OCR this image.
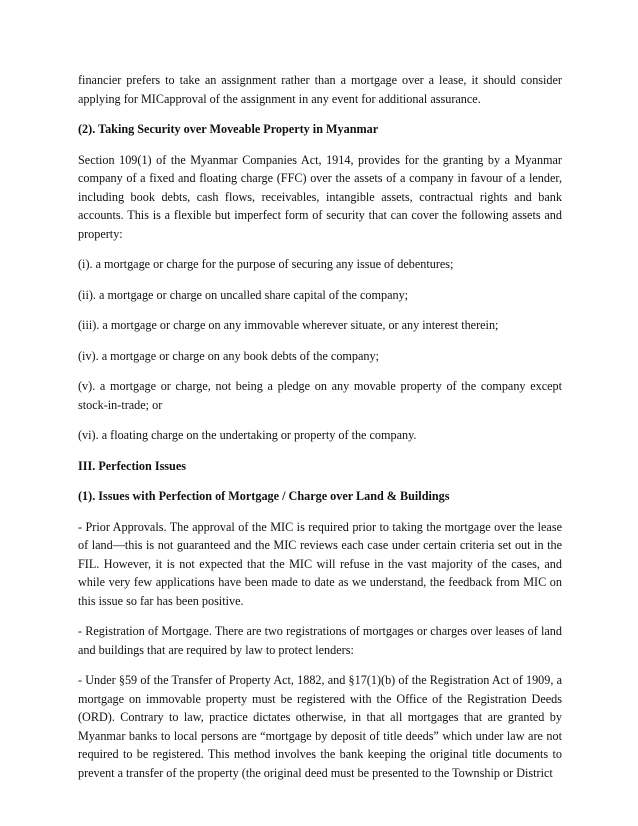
financier prefers to take an assignment rather than a mortgage over a lease, it should consider applying for MICapproval of the assignment in any event for additional assurance.

(2). Taking Security over Moveable Property in Myanmar

Section 109(1) of the Myanmar Companies Act, 1914, provides for the granting by a Myanmar company of a fixed and floating charge (FFC) over the assets of a company in favour of a lender, including book debts, cash flows, receivables, intangible assets, contractual rights and bank accounts. This is a flexible but imperfect form of security that can cover the following assets and property:

(i). a mortgage or charge for the purpose of securing any issue of debentures;

(ii). a mortgage or charge on uncalled share capital of the company;

(iii). a mortgage or charge on any immovable wherever situate, or any interest therein;

(iv). a mortgage or charge on any book debts of the company;

(v). a mortgage or charge, not being a pledge on any movable property of the company except stock-in-trade; or

(vi). a floating charge on the undertaking or property of the company.

III. Perfection Issues
(1). Issues with Perfection of Mortgage / Charge over Land & Buildings

- Prior Approvals. The approval of the MIC is required prior to taking the mortgage over the lease of land—this is not guaranteed and the MIC reviews each case under certain criteria set out in the FIL. However, it is not expected that the MIC will refuse in the vast majority of the cases, and while very few applications have been made to date as we understand, the feedback from MIC on this issue so far has been positive.

- Registration of Mortgage. There are two registrations of mortgages or charges over leases of land and buildings that are required by law to protect lenders:

- Under §59 of the Transfer of Property Act, 1882, and §17(1)(b) of the Registration Act of 1909, a mortgage on immovable property must be registered with the Office of the Registration Deeds (ORD). Contrary to law, practice dictates otherwise, in that all mortgages that are granted by Myanmar banks to local persons are “mortgage by deposit of title deeds” which under law are not required to be registered. This method involves the bank keeping the original title documents to prevent a transfer of the property (the original deed must be presented to the Township or District
